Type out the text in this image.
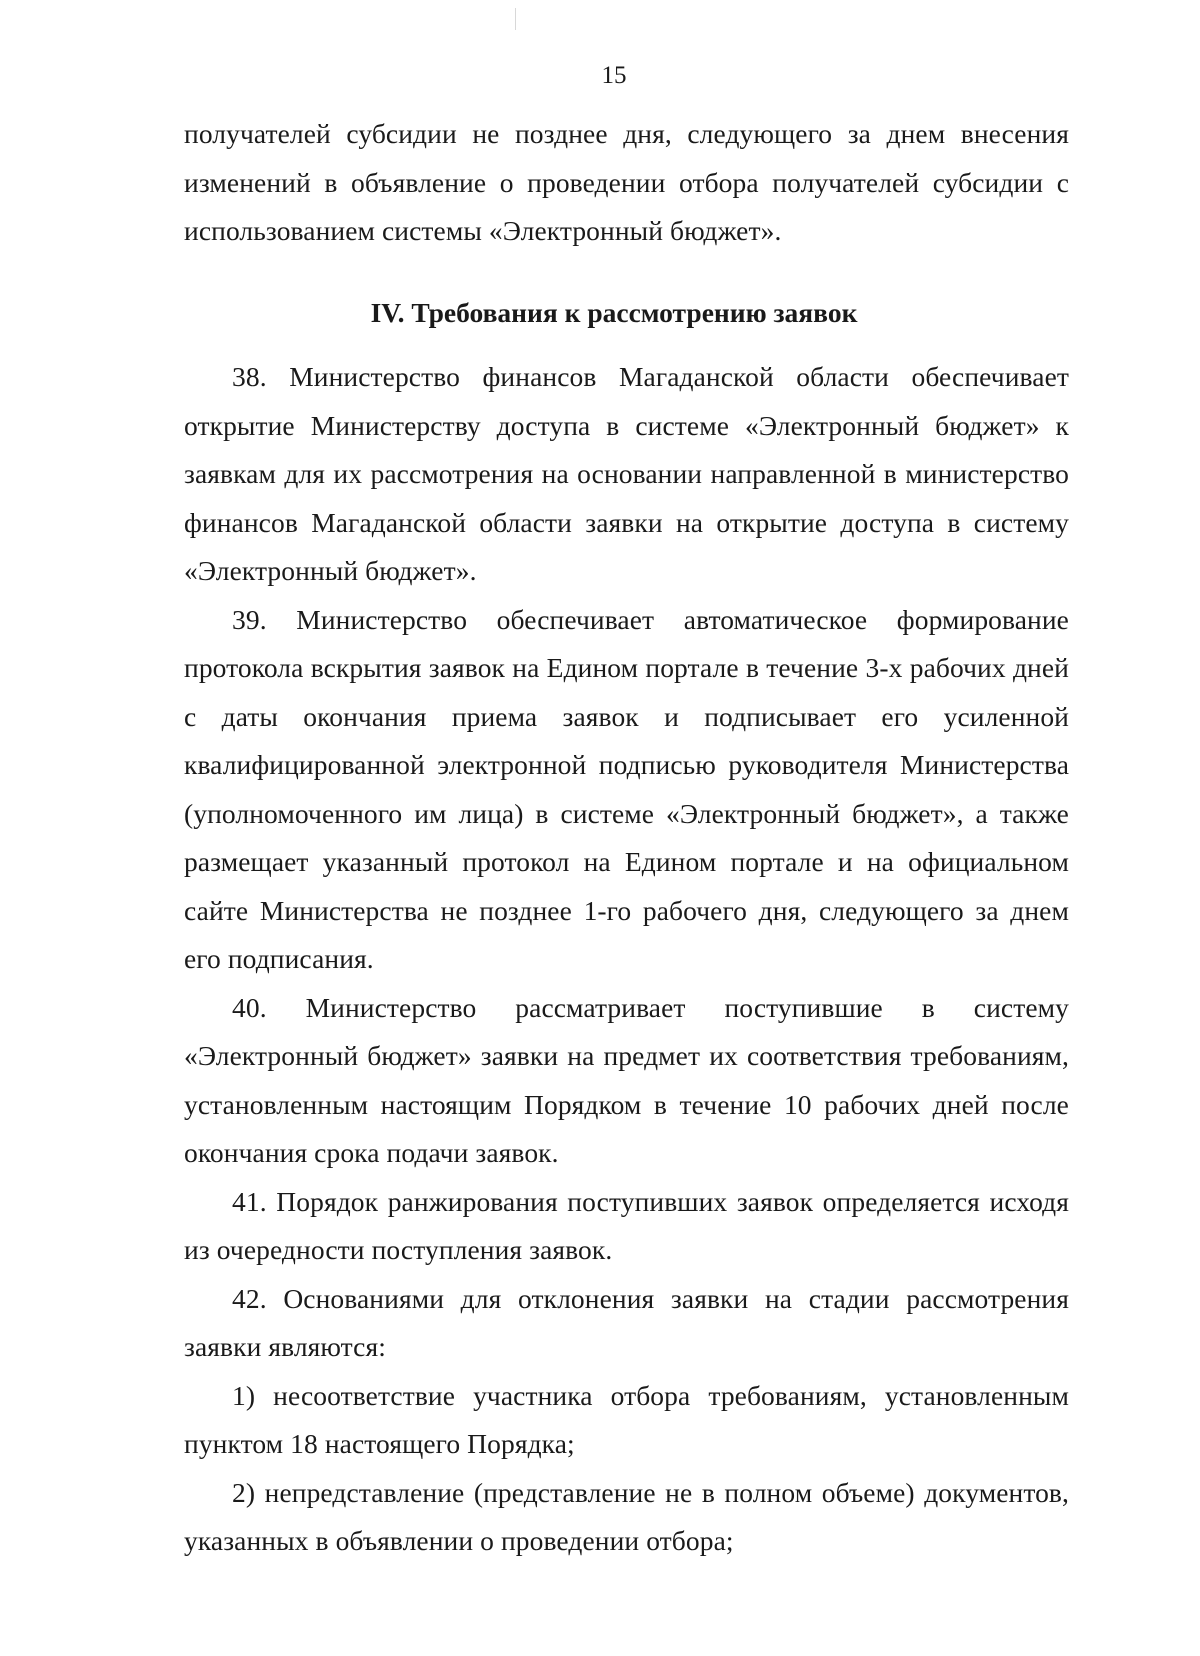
15

получателей субсидии не позднее дня, следующего за днем внесения изменений в объявление о проведении отбора получателей субсидии с использованием системы «Электронный бюджет».

IV. Требования к рассмотрению заявок

38. Министерство финансов Магаданской области обеспечивает открытие Министерству доступа в системе «Электронный бюджет» к заявкам для их рассмотрения на основании направленной в министерство финансов Магаданской области заявки на открытие доступа в систему «Электронный бюджет».

39. Министерство обеспечивает автоматическое формирование протокола вскрытия заявок на Едином портале в течение 3-х рабочих дней с даты окончания приема заявок и подписывает его усиленной квалифицированной электронной подписью руководителя Министерства (уполномоченного им лица) в системе «Электронный бюджет», а также размещает указанный протокол на Едином портале и на официальном сайте Министерства не позднее 1-го рабочего дня, следующего за днем его подписания.

40. Министерство рассматривает поступившие в систему «Электронный бюджет» заявки на предмет их соответствия требованиям, установленным настоящим Порядком в течение 10 рабочих дней после окончания срока подачи заявок.

41. Порядок ранжирования поступивших заявок определяется исходя из очередности поступления заявок.

42. Основаниями для отклонения заявки на стадии рассмотрения заявки являются:

1) несоответствие участника отбора требованиям, установленным пунктом 18 настоящего Порядка;

2) непредставление (представление не в полном объеме) документов, указанных в объявлении о проведении отбора;
